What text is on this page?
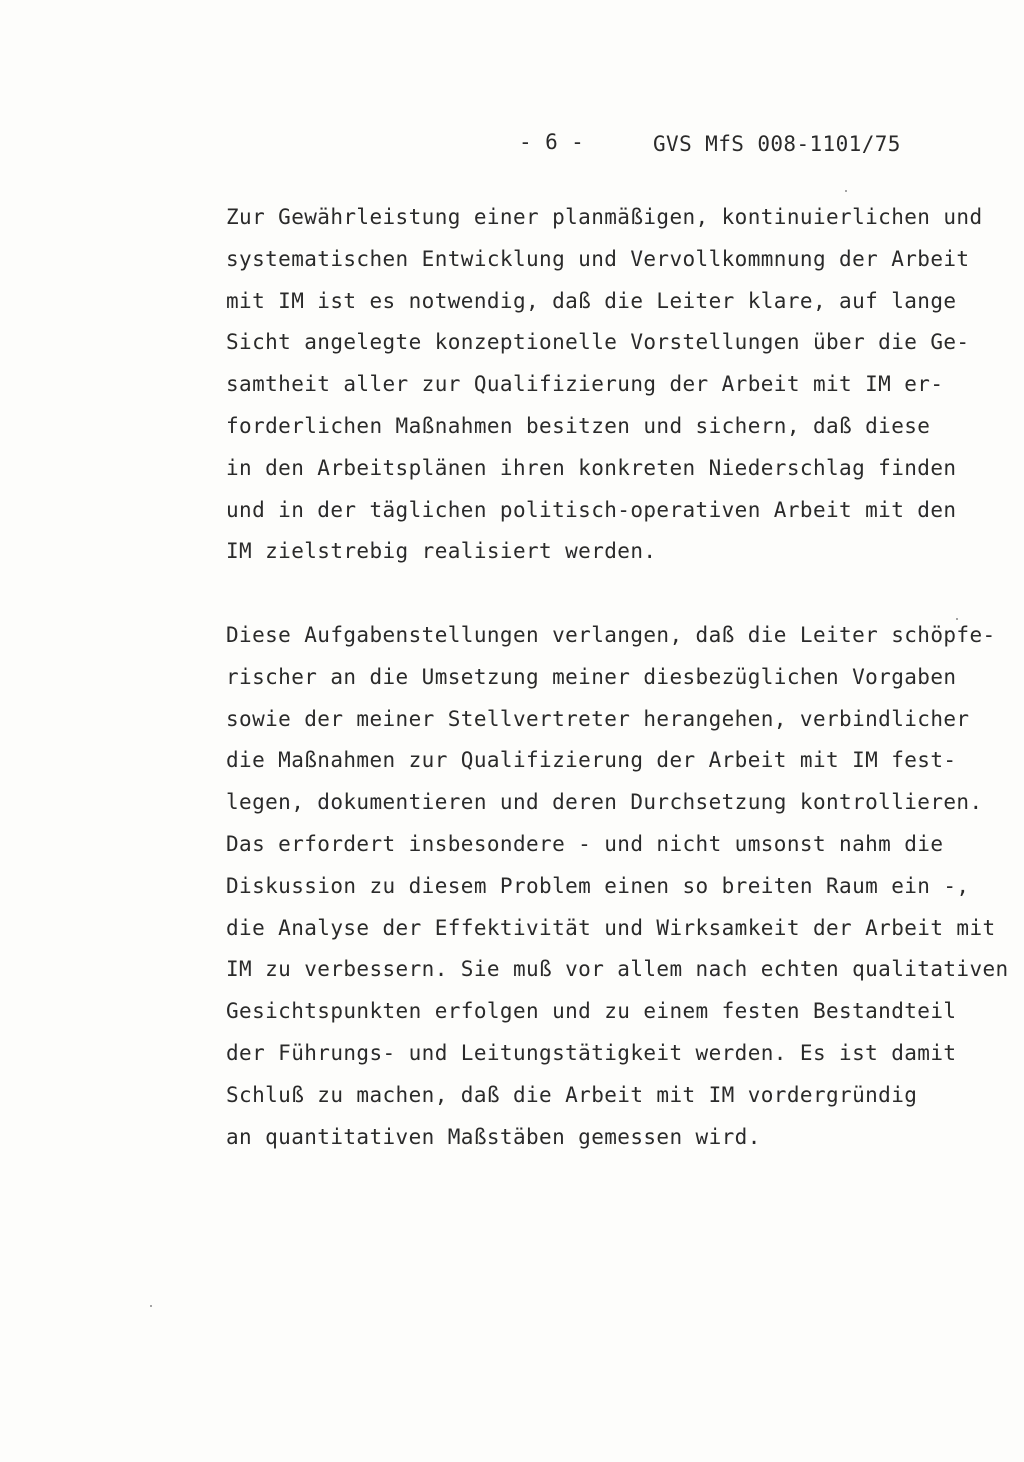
- 6 -	GVS MfS 008-1101/75
Zur Gewährleistung einer planmäßigen, kontinuierlichen und
systematischen Entwicklung und Vervollkommnung der Arbeit
mit IM ist es notwendig, daß die Leiter klare, auf lange
Sicht angelegte konzeptionelle Vorstellungen über die Ge-
samtheit aller zur Qualifizierung der Arbeit mit IM er-
forderlichen Maßnahmen besitzen und sichern, daß diese
in den Arbeitsplänen ihren konkreten Niederschlag finden
und in der täglichen politisch-operativen Arbeit mit den
IM zielstrebig realisiert werden.
Diese Aufgabenstellungen verlangen, daß die Leiter schöpfe-
rischer an die Umsetzung meiner diesbezüglichen Vorgaben
sowie der meiner Stellvertreter herangehen, verbindlicher
die Maßnahmen zur Qualifizierung der Arbeit mit IM fest-
legen, dokumentieren und deren Durchsetzung kontrollieren.
Das erfordert insbesondere - und nicht umsonst nahm die
Diskussion zu diesem Problem einen so breiten Raum ein -,
die Analyse der Effektivität und Wirksamkeit der Arbeit mit
IM zu verbessern. Sie muß vor allem nach echten qualitativen
Gesichtspunkten erfolgen und zu einem festen Bestandteil
der Führungs- und Leitungstätigkeit werden. Es ist damit
Schluß zu machen, daß die Arbeit mit IM vordergründig
an quantitativen Maßstäben gemessen wird.
